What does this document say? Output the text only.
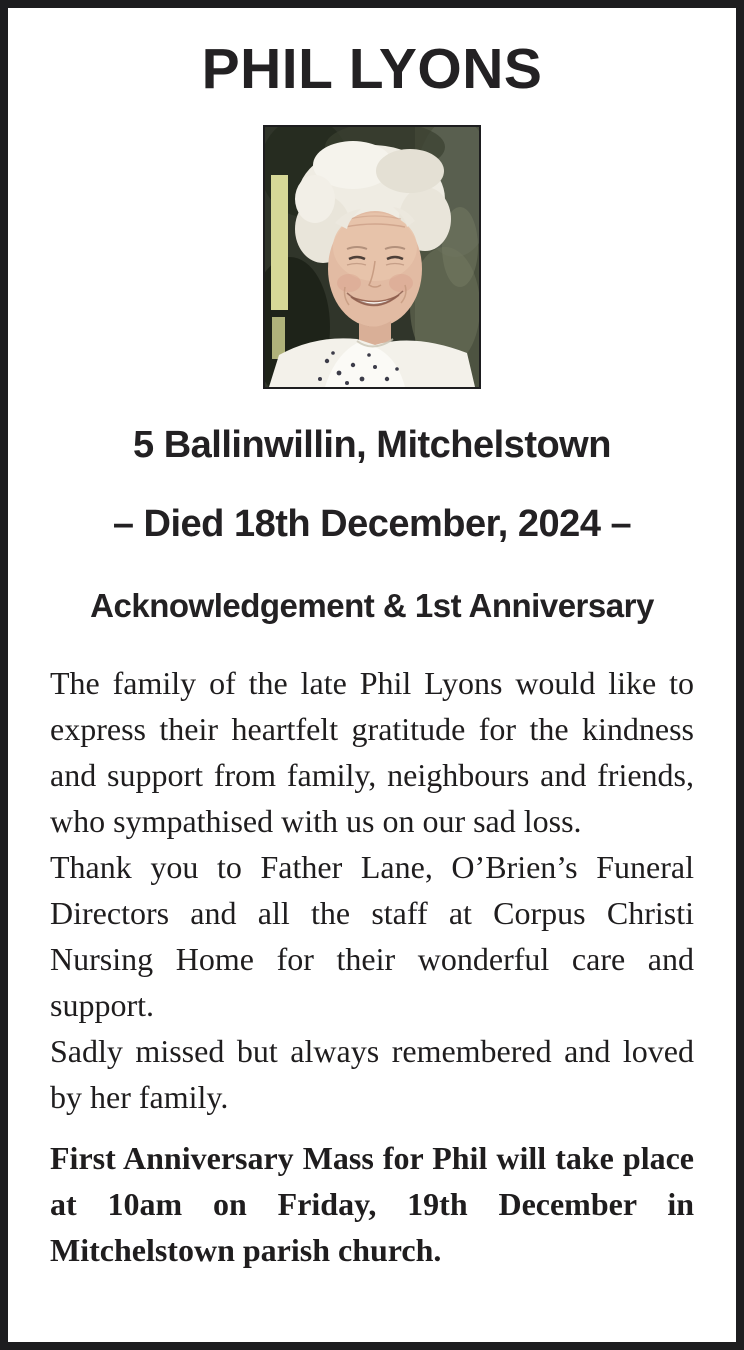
PHIL LYONS
5 Ballinwillin, Mitchelstown
– Died 18th December, 2024 –
Acknowledgement & 1st Anniversary

The family of the late Phil Lyons would like to express their heartfelt gratitude for the kindness and support from family, neighbours and friends, who sympathised with us on our sad loss.

Thank you to Father Lane, O’Brien’s Funeral Directors and all the staff at Corpus Christi Nursing Home for their wonderful care and support.

Sadly missed but always remembered and loved by her family.

First Anniversary Mass for Phil will take place at 10am on Friday, 19th December in Mitchelstown parish church.
